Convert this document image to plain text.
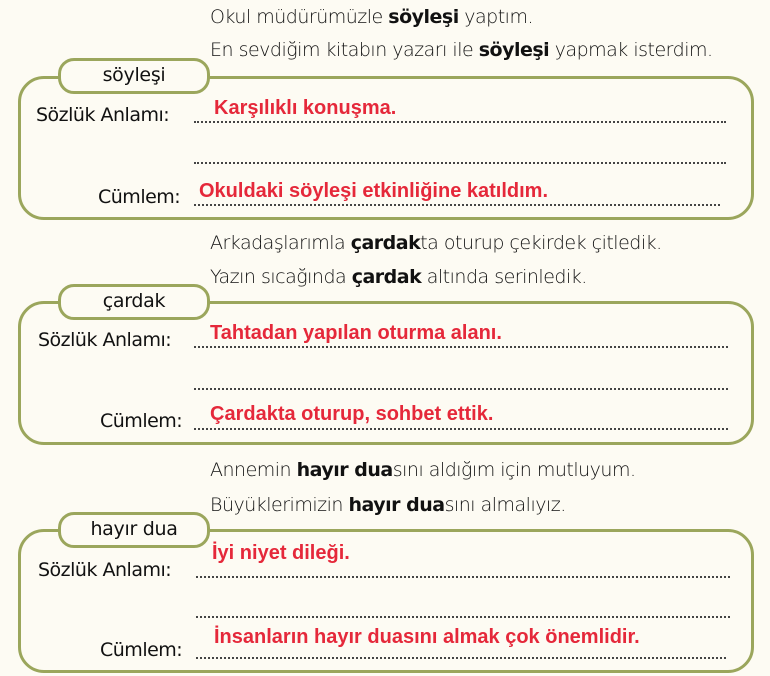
Okul müdürümüzle söyleşi yaptım.
En sevdiğim kitabın yazarı ile söyleşi yapmak isterdim.
söyleşi
Sözlük Anlamı: Karşılıklı konuşma.
Cümlem: Okuldaki söyleşi etkinliğine katıldım.
Arkadaşlarımla çardakta oturup çekirdek çitledik.
Yazın sıcağında çardak altında serinledik.
çardak
Sözlük Anlamı: Tahtadan yapılan oturma alanı.
Cümlem: Çardakta oturup, sohbet ettik.
Annemin hayır duasını aldığım için mutluyum.
Büyüklerimizin hayır duasını almalıyız.
hayır dua
Sözlük Anlamı:
İyi niyet dileği.
Cümlem:
İnsanların hayır duasını almak çok önemlidir.
